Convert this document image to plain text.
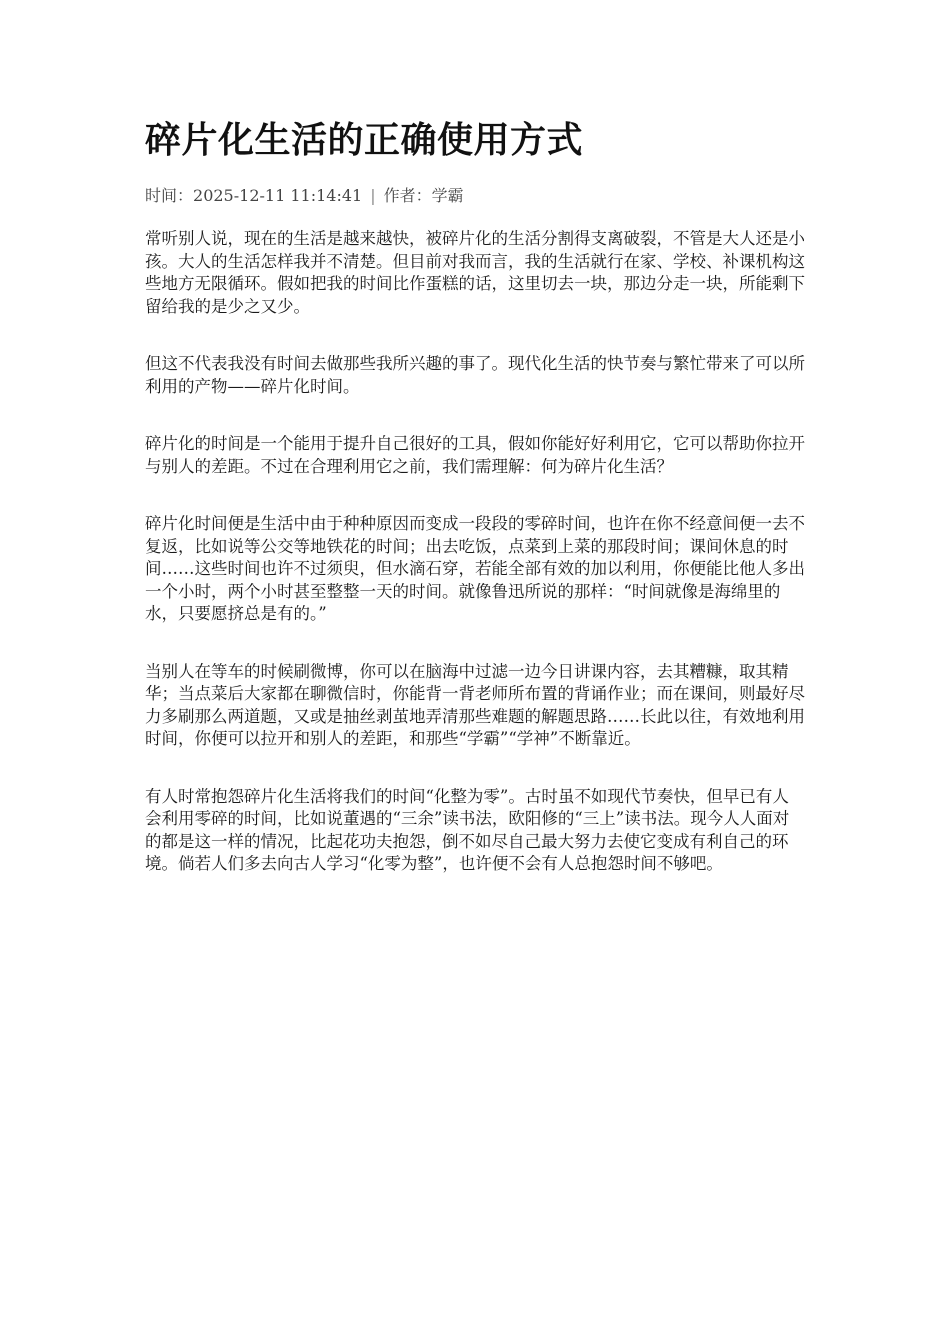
碎片化生活的正确使用方式
时间：2025-12-11 11:14:41 | 作者：学霸

常听别人说，现在的生活是越来越快，被碎片化的生活分割得支离破裂，不管是大人还是小孩。大人的生活怎样我并不清楚。但目前对我而言，我的生活就行在家、学校、补课机构这些地方无限循环。假如把我的时间比作蛋糕的话，这里切去一块，那边分走一块，所能剩下留给我的是少之又少。

但这不代表我没有时间去做那些我所兴趣的事了。现代化生活的快节奏与繁忙带来了可以所利用的产物——碎片化时间。

碎片化的时间是一个能用于提升自己很好的工具，假如你能好好利用它，它可以帮助你拉开与别人的差距。不过在合理利用它之前，我们需理解：何为碎片化生活？

碎片化时间便是生活中由于种种原因而变成一段段的零碎时间，也许在你不经意间便一去不复返，比如说等公交等地铁花的时间；出去吃饭，点菜到上菜的那段时间；课间休息的时间……这些时间也许不过须臾，但水滴石穿，若能全部有效的加以利用，你便能比他人多出一个小时，两个小时甚至整整一天的时间。就像鲁迅所说的那样：“时间就像是海绵里的水，只要愿挤总是有的。”

当别人在等车的时候刷微博，你可以在脑海中过滤一边今日讲课内容，去其糟糠，取其精华；当点菜后大家都在聊微信时，你能背一背老师所布置的背诵作业；而在课间，则最好尽力多刷那么两道题，又或是抽丝剥茧地弄清那些难题的解题思路……长此以往，有效地利用时间，你便可以拉开和别人的差距，和那些“学霸”“学神”不断靠近。

有人时常抱怨碎片化生活将我们的时间“化整为零”。古时虽不如现代节奏快，但早已有人会利用零碎的时间，比如说董遇的“三余”读书法，欧阳修的“三上”读书法。现今人人面对的都是这一样的情况，比起花功夫抱怨，倒不如尽自己最大努力去使它变成有利自己的环境。倘若人们多去向古人学习“化零为整”，也许便不会有人总抱怨时间不够吧。
